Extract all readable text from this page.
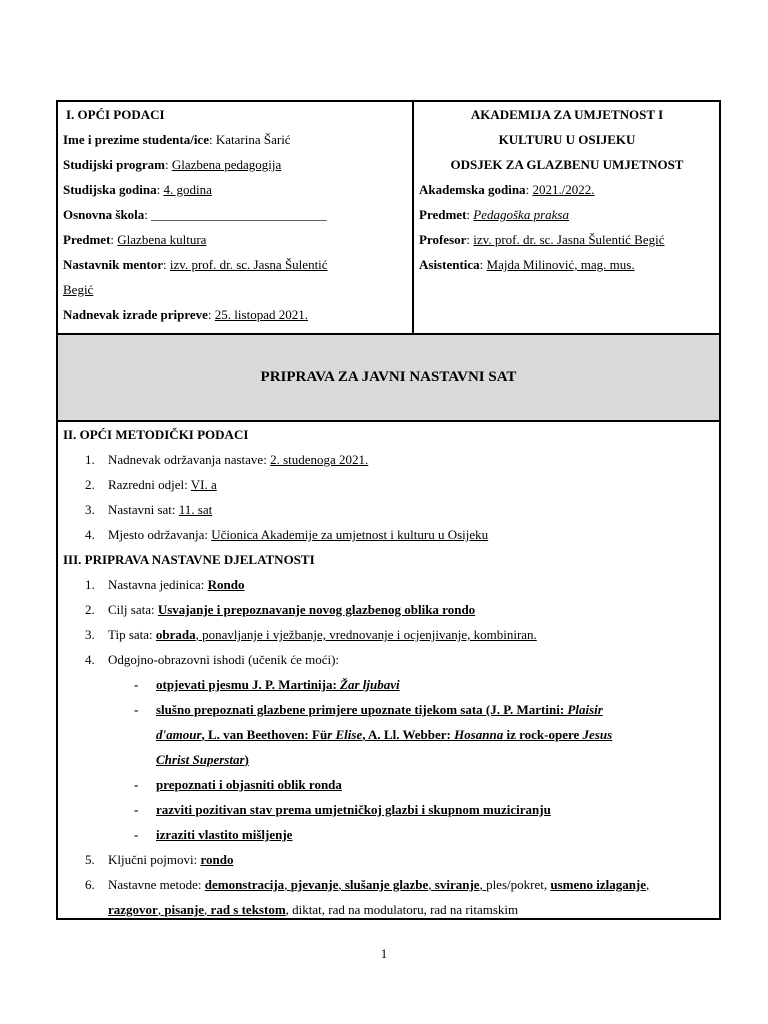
I. OPĆI PODACI
Ime i prezime studenta/ice: Katarina Šarić
Studijski program: Glazbena pedagogija
Studijska godina: 4. godina
Osnovna škola: ___________________________
Predmet: Glazbena kultura
Nastavnik mentor: izv. prof. dr. sc. Jasna Šulentić
Begić
Nadnevak izrade pripreve: 25. listopad 2021.
AKADEMIJA ZA UMJETNOST I
KULTURU U OSIJEKU
ODSJEK ZA GLAZBENU UMJETNOST
Akademska godina: 2021./2022.
Predmet: Pedagoška praksa
Profesor: izv. prof. dr. sc. Jasna Šulentić Begić
Asistentica: Majda Milinović, mag. mus.
PRIPRAVA ZA JAVNI NASTAVNI SAT
II. OPĆI METODIČKI PODACI
1. Nadnevak održavanja nastave: 2. studenoga 2021.
2. Razredni odjel: VI. a
3. Nastavni sat: 11. sat
4. Mjesto održavanja: Učionica Akademije za umjetnost i kulturu u Osijeku
III. PRIPRAVA NASTAVNE DJELATNOSTI
1. Nastavna jedinica: Rondo
2. Cilj sata: Usvajanje i prepoznavanje novog glazbenog oblika rondo
3. Tip sata: obrada, ponavljanje i vježbanje, vrednovanje i ocjenjivanje, kombiniran.
4. Odgojno-obrazovni ishodi (učenik će moći):
- otpjevati pjesmu J. P. Martinija: Žar ljubavi
- slušno prepoznati glazbene primjere upoznate tijekom sata (J. P. Martini: Plaisir d'amour, L. van Beethoven: Für Elise, A. Ll. Webber: Hosanna iz rock-opere Jesus Christ Superstar)
- prepoznati i objasniti oblik ronda
- razviti pozitivan stav prema umjetničkoj glazbi i skupnom muziciranju
- izraziti vlastito mišljenje
5. Ključni pojmovi: rondo
6. Nastavne metode: demonstracija, pjevanje, slušanje glazbe, sviranje, ples/pokret, usmeno izlaganje, razgovor, pisanje, rad s tekstom, diktat, rad na modulatoru, rad na ritamskim
1
